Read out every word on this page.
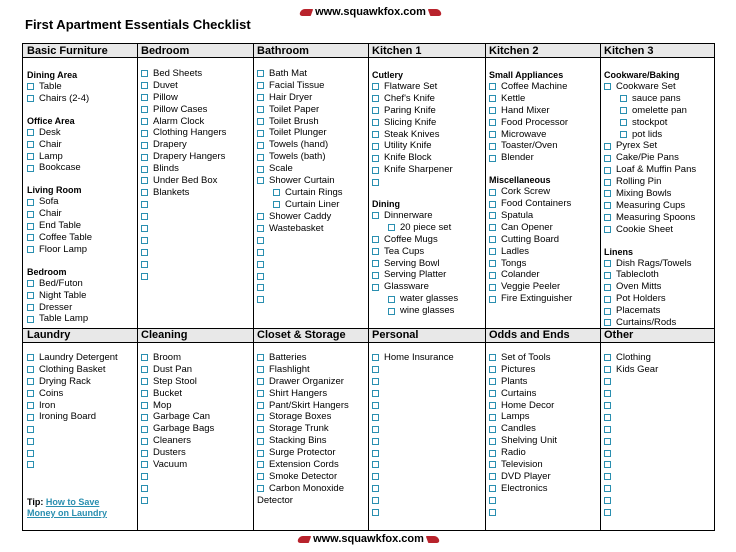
First Apartment Essentials Checklist
www.squawkfox.com
Basic Furniture
Dining Area
Table
Chairs (2-4)
Office Area
Desk
Chair
Lamp
Bookcase
Living Room
Sofa
Chair
End Table
Coffee Table
Floor Lamp
Bedroom
Bed/Futon
Night Table
Dresser
Table Lamp
Bedroom
Bed Sheets
Duvet
Pillow
Pillow Cases
Alarm Clock
Clothing Hangers
Drapery
Drapery Hangers
Blinds
Under Bed Box
Blankets
Bathroom
Bath Mat
Facial Tissue
Hair Dryer
Toilet Paper
Toilet Brush
Toilet Plunger
Towels (hand)
Towels (bath)
Scale
Shower Curtain
Curtain Rings
Curtain Liner
Shower Caddy
Wastebasket
Kitchen 1
Cutlery
Flatware Set
Chef's Knife
Paring Knife
Slicing Knife
Steak Knives
Utility Knife
Knife Block
Knife Sharpener
Dining
Dinnerware
20 piece set
Coffee Mugs
Tea Cups
Serving Bowl
Serving Platter
Glassware
water glasses
wine glasses
Kitchen 2
Small Appliances
Coffee Machine
Kettle
Hand Mixer
Food Processor
Microwave
Toaster/Oven
Blender
Miscellaneous
Cork Screw
Food Containers
Spatula
Can Opener
Cutting Board
Ladles
Tongs
Colander
Veggie Peeler
Fire Extinguisher
Kitchen 3
Cookware/Baking
Cookware Set
sauce pans
omelette pan
stockpot
pot lids
Pyrex Set
Cake/Pie Pans
Loaf & Muffin Pans
Rolling Pin
Mixing Bowls
Measuring Cups
Measuring Spoons
Cookie Sheet
Linens
Dish Rags/Towels
Tablecloth
Oven Mitts
Pot Holders
Placemats
Curtains/Rods
Laundry
Laundry Detergent
Clothing Basket
Drying Rack
Coins
Iron
Ironing Board
Tip: How to Save
Money on Laundry
Cleaning
Broom
Dust Pan
Step Stool
Bucket
Mop
Garbage Can
Garbage Bags
Cleaners
Dusters
Vacuum
Closet & Storage
Batteries
Flashlight
Drawer Organizer
Shirt Hangers
Pant/Skirt Hangers
Storage Boxes
Storage Trunk
Stacking Bins
Surge Protector
Extension Cords
Smoke Detector
Carbon Monoxide
Detector
Personal
Home Insurance
Odds and Ends
Set of Tools
Pictures
Plants
Curtains
Home Decor
Lamps
Candles
Shelving Unit
Radio
Television
DVD Player
Electronics
Other
Clothing
Kids Gear
www.squawkfox.com
